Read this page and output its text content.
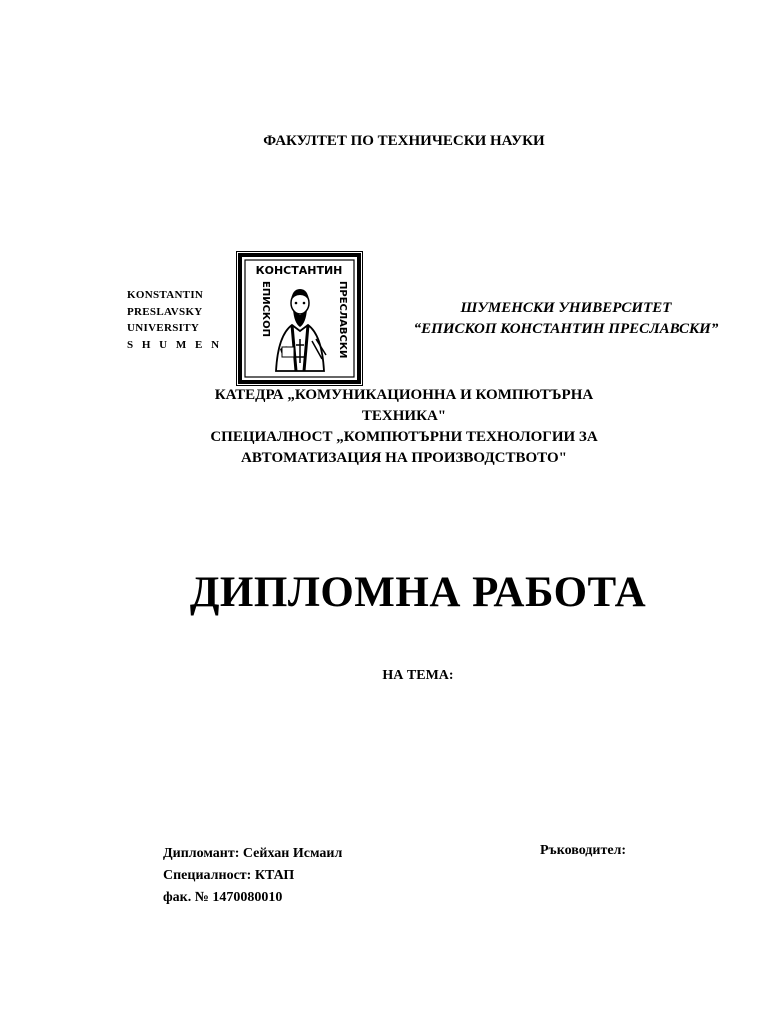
ФАКУЛТЕТ ПО ТЕХНИЧЕСКИ НАУКИ
KONSTANTIN
PRESLAVSKY
UNIVERSITY
S H U M E N
КОНСТАНТИН
ЕПИСКОП	ПРЕСЛАВСКИ	ШУМЕНСКИ УНИВЕРСИТЕТ
“ЕПИСКОП КОНСТАНТИН ПРЕСЛАВСКИ”
КАТЕДРА „КОМУНИКАЦИОННА И КОМПЮТЪРНА
ТЕХНИКА"
СПЕЦИАЛНОСТ „КОМПЮТЪРНИ ТЕХНОЛОГИИ ЗА
АВТОМАТИЗАЦИЯ НА ПРОИЗВОДСТВОТО"
ДИПЛОМНА РАБОТА
НА ТЕМА:
Дипломант: Сейхан Исмаил
Специалност: КТАП
фак. № 1470080010
Ръководител:
